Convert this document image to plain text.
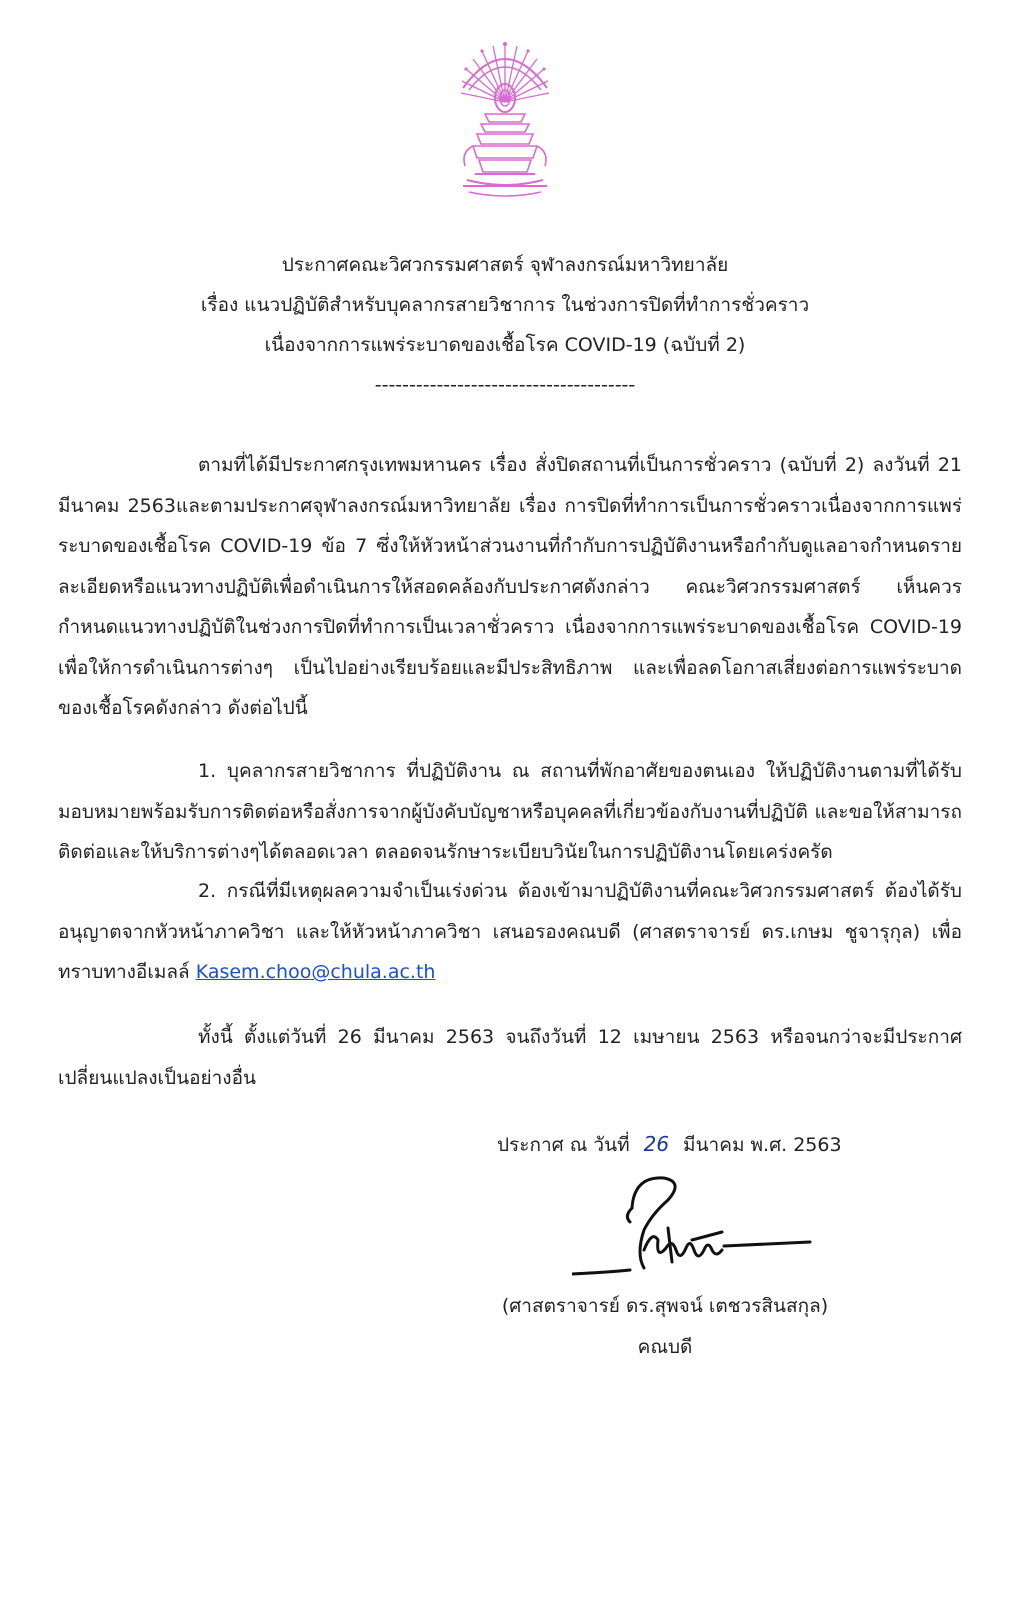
ประกาศคณะวิศวกรรมศาสตร์ จุฬาลงกรณ์มหาวิทยาลัย
เรื่อง แนวปฏิบัติสำหรับบุคลากรสายวิชาการ ในช่วงการปิดที่ทำการชั่วคราว
เนื่องจากการแพร่ระบาดของเชื้อโรค COVID-19 (ฉบับที่ 2)
--------------------------------------

ตามที่ได้มีประกาศกรุงเทพมหานคร เรื่อง สั่งปิดสถานที่เป็นการชั่วคราว (ฉบับที่ 2) ลงวันที่ 21 มีนาคม 2563และตามประกาศจุฬาลงกรณ์มหาวิทยาลัย เรื่อง การปิดที่ทำการเป็นการชั่วคราวเนื่องจากการแพร่ระบาดของเชื้อโรค COVID-19 ข้อ 7 ซึ่งให้หัวหน้าส่วนงานที่กำกับการปฏิบัติงานหรือกำกับดูแลอาจกำหนดรายละเอียดหรือแนวทางปฏิบัติเพื่อดำเนินการให้สอดคล้องกับประกาศดังกล่าว คณะวิศวกรรมศาสตร์ เห็นควรกำหนดแนวทางปฏิบัติในช่วงการปิดที่ทำการเป็นเวลาชั่วคราว เนื่องจากการแพร่ระบาดของเชื้อโรค COVID-19 เพื่อให้การดำเนินการต่างๆ เป็นไปอย่างเรียบร้อยและมีประสิทธิภาพ และเพื่อลดโอกาสเสี่ยงต่อการแพร่ระบาดของเชื้อโรคดังกล่าว ดังต่อไปนี้

1. บุคลากรสายวิชาการ ที่ปฏิบัติงาน ณ สถานที่พักอาศัยของตนเอง ให้ปฏิบัติงานตามที่ได้รับมอบหมายพร้อมรับการติดต่อหรือสั่งการจากผู้บังคับบัญชาหรือบุคคลที่เกี่ยวข้องกับงานที่ปฏิบัติ และขอให้สามารถติดต่อและให้บริการต่างๆได้ตลอดเวลา ตลอดจนรักษาระเบียบวินัยในการปฏิบัติงานโดยเคร่งครัด

2. กรณีที่มีเหตุผลความจำเป็นเร่งด่วน ต้องเข้ามาปฏิบัติงานที่คณะวิศวกรรมศาสตร์ ต้องได้รับอนุญาตจากหัวหน้าภาควิชา และให้หัวหน้าภาควิชา เสนอรองคณบดี (ศาสตราจารย์ ดร.เกษม ชูจารุกุล) เพื่อทราบทางอีเมลล์ Kasem.choo@chula.ac.th

ทั้งนี้ ตั้งแต่วันที่ 26 มีนาคม 2563 จนถึงวันที่ 12 เมษายน 2563 หรือจนกว่าจะมีประกาศเปลี่ยนแปลงเป็นอย่างอื่น

ประกาศ ณ วันที่ 26 มีนาคม พ.ศ. 2563
(ศาสตราจารย์ ดร.สุพจน์ เตชวรสินสกุล)
คณบดี
